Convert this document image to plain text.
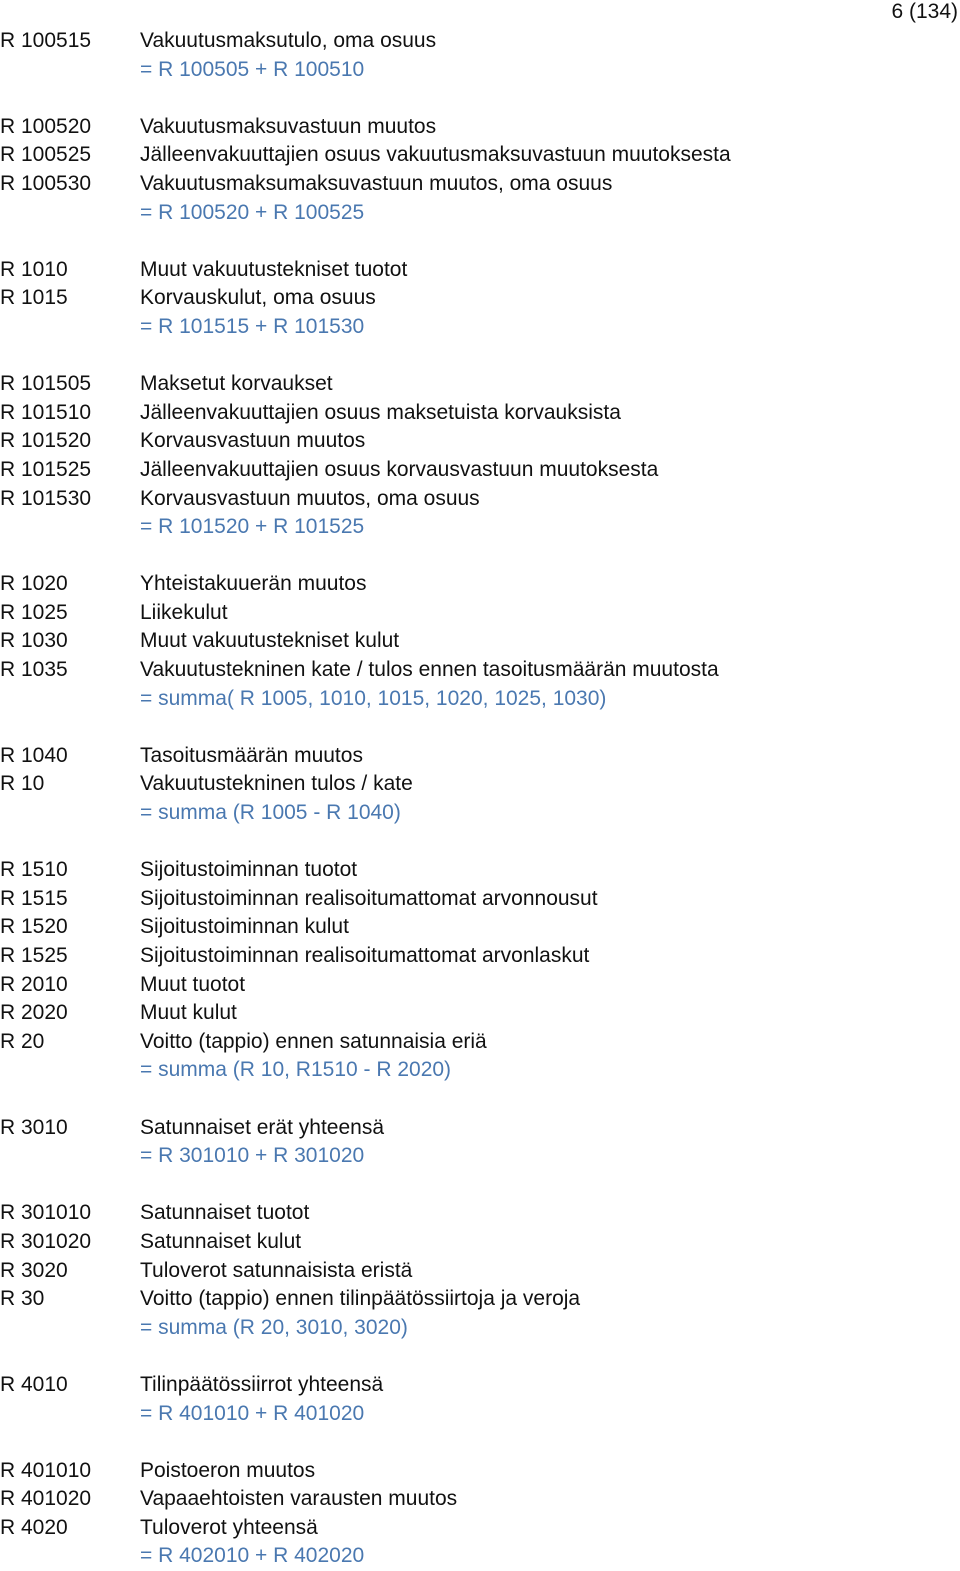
6 (134)
R 100515	Vakuutusmaksutulo, oma osuus
= R 100505 + R 100510
R 100520	Vakuutusmaksuvastuun muutos
R 100525	Jälleenvakuuttajien osuus vakuutusmaksuvastuun muutoksesta
R 100530	Vakuutusmaksumaksuvastuun muutos, oma osuus
= R 100520 + R 100525
R 1010	Muut vakuutustekniset tuotot
R 1015	Korvauskulut, oma osuus
= R 101515 + R 101530
R 101505	Maksetut korvaukset
R 101510	Jälleenvakuuttajien osuus maksetuista korvauksista
R 101520	Korvausvastuun muutos
R 101525	Jälleenvakuuttajien osuus korvausvastuun muutoksesta
R 101530	Korvausvastuun muutos, oma osuus
= R 101520 + R 101525
R 1020	Yhteistakuuerän muutos
R 1025	Liikekulut
R 1030	Muut vakuutustekniset kulut
R 1035	Vakuutustekninen kate / tulos ennen tasoitusmäärän muutosta
= summa( R 1005, 1010, 1015, 1020, 1025, 1030)
R 1040	Tasoitusmäärän muutos
R 10	Vakuutustekninen tulos / kate
= summa (R 1005 - R 1040)
R 1510	Sijoitustoiminnan tuotot
R 1515	Sijoitustoiminnan realisoitumattomat arvonnousut
R 1520	Sijoitustoiminnan kulut
R 1525	Sijoitustoiminnan realisoitumattomat arvonlaskut
R 2010	Muut tuotot
R 2020	Muut kulut
R 20	Voitto (tappio) ennen satunnaisia eriä
= summa (R 10, R1510 - R 2020)
R 3010	Satunnaiset erät yhteensä
= R 301010 + R 301020
R 301010	Satunnaiset tuotot
R 301020	Satunnaiset kulut
R 3020	Tuloverot satunnaisista eristä
R 30	Voitto (tappio) ennen tilinpäätössiirtoja ja veroja
= summa (R 20, 3010, 3020)
R 4010	Tilinpäätössiirrot yhteensä
= R 401010 + R 401020
R 401010	Poistoeron muutos
R 401020	Vapaaehtoisten varausten muutos
R 4020	Tuloverot yhteensä
= R 402010 + R 402020
